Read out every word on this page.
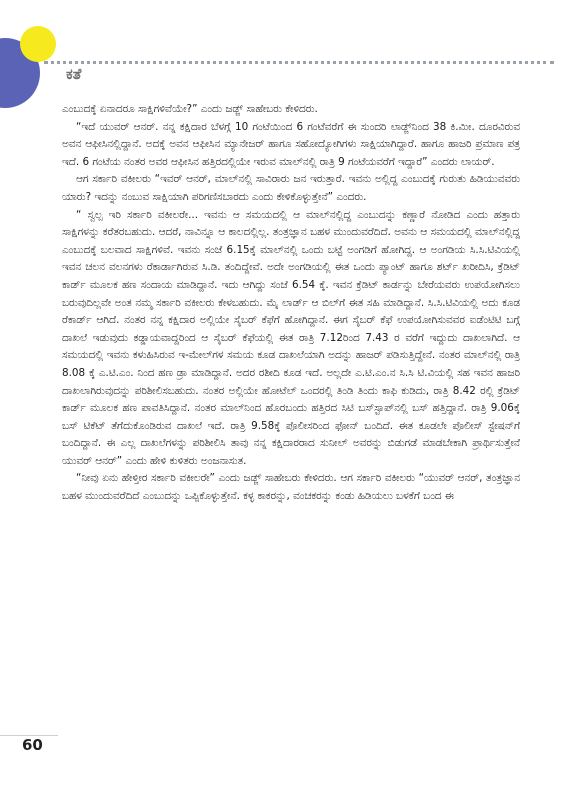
ಕತೆ

ಎಂಬುದಕ್ಕೆ ಏನಾದರೂ ಸಾಕ್ಷಿಗಳಿವೆಯೇ?” ಎಂದು ಜಡ್ಜ್ ಸಾಹೇಬರು ಕೇಳಿದರು.

“ಇದೆ ಯುವರ್ ಆನರ್. ನನ್ನ ಕಕ್ಷಿದಾರ ಬೆಳಗ್ಗೆ 10 ಗಂಟೆಯಿಂದ 6 ಗಂಟೆವರೆಗೆ ಈ ಸುಂದರಿ ಲಾಡ್ಜ್‌ನಿಂದ 38 ಕಿ.ಮೀ. ದೂರವಿರುವ ಅವನ ಆಫೀಸಿನಲ್ಲಿದ್ದಾನೆ. ಅದಕ್ಕೆ ಅವನ ಆಫೀಸಿನ ಮ್ಯಾನೇಜರ್ ಹಾಗೂ ಸಹೋದ್ಯೋಗಿಗಳು ಸಾಕ್ಷಿಯಾಗಿದ್ದಾರೆ. ಹಾಗೂ ಹಾಜರಿ ಪ್ರಮಾಣ ಪತ್ರ ಇದೆ. 6 ಗಂಟೆಯ ನಂತರ ಅವರ ಆಫೀಸಿನ ಹತ್ತಿರದಲ್ಲಿಯೇ ಇರುವ ಮಾಲ್‌ನಲ್ಲಿ ರಾತ್ರಿ 9 ಗಂಟೆಯವರೆಗೆ ಇದ್ದಾರೆ” ಎಂದರು ಲಾಯರ್.

ಆಗ ಸರ್ಕಾರಿ ವಕೀಲರು “ಇವರ್ ಆನರ್, ಮಾಲ್‌ನಲ್ಲಿ ಸಾವಿರಾರು ಜನ ಇರುತ್ತಾರೆ. ಇವನು ಅಲ್ಲಿದ್ದ ಎಂಬುದಕ್ಕೆ ಗುರುತು ಹಿಡಿಯುವವರು ಯಾರು? ಇದನ್ನು ನಂಬುವ ಸಾಕ್ಷಿಯಾಗಿ ಪರಿಗಣಿಸಬಾರದು ಎಂದು ಕೇಳಿಕೊಳ್ಳುತ್ತೇನೆ” ಎಂದರು.

“ ಸ್ವಲ್ಪ ಇರಿ ಸರ್ಕಾರಿ ವಕೀಲರೇ... ಇವನು ಆ ಸಮಯದಲ್ಲಿ ಆ ಮಾಲ್‌ನಲ್ಲಿದ್ದ ಎಂಬುದನ್ನು ಕಣ್ಣಾರೆ ನೋಡಿದ ಎಂದು ಹತ್ತಾರು ಸಾಕ್ಷಿಗಳನ್ನು ಕರೆತರಬಹುದು. ಆದರೆ, ನಾವಿನ್ನೂ ಆ ಕಾಲದಲ್ಲಿಲ್ಲ. ತಂತ್ರಜ್ಞಾನ ಬಹಳ ಮುಂದುವರೆದಿದೆ. ಅವನು ಆ ಸಮಯದಲ್ಲಿ ಮಾಲ್‌ನಲ್ಲಿದ್ದ ಎಂಬುದಕ್ಕೆ ಬಲವಾದ ಸಾಕ್ಷಿಗಳಿವೆ. ಇವನು ಸಂಜೆ 6.15ಕ್ಕೆ ಮಾಲ್‌ನಲ್ಲಿ ಒಂದು ಬಟ್ಟೆ ಅಂಗಡಿಗೆ ಹೋಗಿದ್ದ. ಆ ಅಂಗಡಿಯ ಸಿ.ಸಿ.ಟಿವಿಯಲ್ಲಿ ಇವನ ಚಲನ ವಲನಗಳು ರೆಕಾರ್ಡಾಗಿರುವ ಸಿ.ಡಿ. ತಂದಿದ್ದೇವೆ. ಅದೇ ಅಂಗಡಿಯಲ್ಲಿ ಈತ ಒಂದು ಪ್ಯಾಂಟ್ ಹಾಗೂ ಶರ್ಟ್ ಖರೀದಿಸಿ, ಕ್ರೆಡಿಟ್ ಕಾರ್ಡ್ ಮೂಲಕ ಹಣ ಸಂದಾಯ ಮಾಡಿದ್ದಾನೆ. ಇದು ಆಗಿದ್ದು ಸಂಜೆ 6.54 ಕ್ಕೆ. ಇವನ ಕ್ರೆಡಿಟ್ ಕಾರ್ಡನ್ನು ಬೇರೆಯವರು ಉಪಯೋಗಿಸಲು ಬರುವುದಿಲ್ಲವೇ ಅಂತ ನಮ್ಮ ಸರ್ಕಾರಿ ವಕೀಲರು ಕೇಳಬಹುದು. ಮೈ ಲಾರ್ಡ್ ಆ ಬಿಲ್‌ಗೆ ಈತ ಸಹಿ ಮಾಡಿದ್ದಾನೆ. ಸಿ.ಸಿ.ಟಿವಿಯಲ್ಲಿ ಅದು ಕೂಡ ರೆಕಾರ್ಡ್ ಆಗಿದೆ. ನಂತರ ನನ್ನ ಕಕ್ಷಿದಾರ ಅಲ್ಲಿಯೇ ಸೈಬರ್ ಕೆಫೆಗೆ ಹೋಗಿದ್ದಾನೆ. ಈಗ ಸೈಬರ್ ಕೆಫೆ ಉಪಯೋಗಿಸುವವರ ಐಡೆಂಟಿಟಿ ಬಗ್ಗೆ ದಾಖಲೆ ಇಡುವುದು ಕಡ್ಡಾಯವಾದ್ದರಿಂದ ಆ ಸೈಬರ್ ಕೆಫೆಯಲ್ಲಿ ಈತ ರಾತ್ರಿ 7.12ರಿಂದ 7.43 ರ ವರೆಗೆ ಇದ್ದುದು ದಾಖಲಾಗಿದೆ. ಆ ಸಮಯದಲ್ಲಿ ಇವನು ಕಳುಹಿಸಿರುವ ಇ-ಮೇಲ್‌ಗಳ ಸಮಯ ಕೂಡ ದಾಖಲೆಯಾಗಿ ಅದನ್ನು ಹಾಜರ್ ಪಡಿಸುತ್ತಿದ್ದೇನೆ. ನಂತರ ಮಾಲ್‌ನಲ್ಲಿ ರಾತ್ರಿ 8.08 ಕ್ಕೆ ಎ.ಟಿ.ಎಂ. ನಿಂದ ಹಣ ಡ್ರಾ ಮಾಡಿದ್ದಾನೆ. ಅದರ ರಶೀದಿ ಕೂಡ ಇದೆ. ಅಲ್ಲದೇ ಎ.ಟಿ.ಎಂ.ನ ಸಿ.ಸಿ ಟಿ.ವಿಯಲ್ಲಿ ಸಹ ಇವನ ಹಾಜರಿ ದಾಖಲಾಗಿರುವುದನ್ನು ಪರಿಶೀಲಿಸಬಹುದು. ನಂತರ ಅಲ್ಲಿಯೇ ಹೋಟೆಲ್ ಒಂದರಲ್ಲಿ ತಿಂಡಿ ತಿಂದು ಕಾಫಿ ಕುಡಿದು, ರಾತ್ರಿ 8.42 ರಲ್ಲಿ ಕ್ರೆಡಿಟ್ ಕಾರ್ಡ್ ಮೂಲಕ ಹಣ ಪಾವತಿಸಿದ್ದಾನೆ. ನಂತರ ಮಾಲ್‌ನಿಂದ ಹೊರಬಂದು ಹತ್ತಿರದ ಸಿಟಿ ಬಸ್‌ಸ್ಟಾಪ್‌ನಲ್ಲಿ ಬಸ್ ಹತ್ತಿದ್ದಾನೆ. ರಾತ್ರಿ 9.06ಕ್ಕೆ ಬಸ್ ಟಿಕೆಟ್ ತೆಗೆದುಕೊಂಡಿರುವ ದಾಖಲೆ ಇದೆ. ರಾತ್ರಿ 9.58ಕ್ಕೆ ಪೊಲೀಸರಿಂದ ಫೋನ್ ಬಂದಿದೆ. ಈತ ಕೂಡಲೇ ಪೊಲೀಸ್ ಸ್ಟೇಷನ್‌ಗೆ ಬಂದಿದ್ದಾನೆ. ಈ ಎಲ್ಲ ದಾಖಲೆಗಳನ್ನು ಪರಿಶೀಲಿಸಿ ತಾವು ನನ್ನ ಕಕ್ಷಿದಾರರಾದ ಸುನೀಲ್ ಅವರನ್ನು ಬಿಡುಗಡೆ ಮಾಡಬೇಕಾಗಿ ಪ್ರಾರ್ಥಿಸುತ್ತೇನೆ ಯುವರ್ ಆನರ್” ಎಂದು ಹೇಳಿ ಕುಳಿತರು ಅಂಜನಾಸುತ.

“ನೀವು ಏನು ಹೇಳ್ತೀರ ಸರ್ಕಾರಿ ವಕೀಲರೇ” ಎಂದು ಜಡ್ಜ್ ಸಾಹೇಬರು ಕೇಳಿದರು. ಆಗ ಸರ್ಕಾರಿ ವಕೀಲರು “ಯುವರ್ ಆನರ್, ತಂತ್ರಜ್ಞಾನ ಬಹಳ ಮುಂದುವರೆದಿದೆ ಎಂಬುದನ್ನು ಒಪ್ಪಿಕೊಳ್ಳುತ್ತೇನೆ. ಕಳ್ಳ ಕಾಕರನ್ನು, ವಂಚಕರನ್ನು ಕಂಡು ಹಿಡಿಯಲು ಬಳಕೆಗೆ ಬಂದ ಈ

60
